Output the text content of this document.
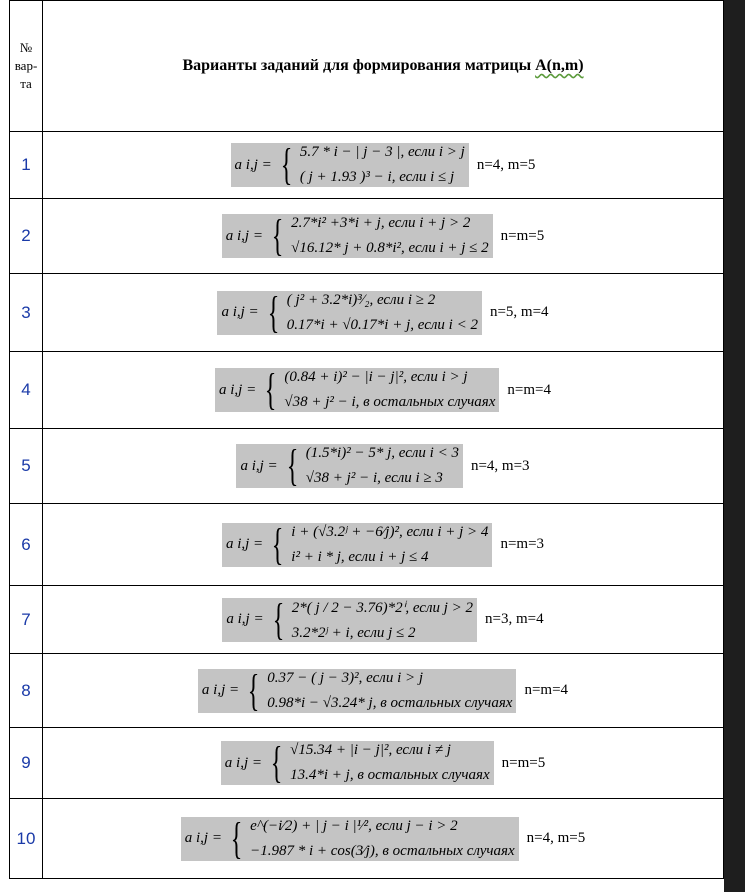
№
вар-
та	Варианты заданий для формирования матрицы A(n,m)
1	a i,j = { 5.7 * i − | j − 3 |, если i > j
( j + 1.93 )³ − i, если i ≤ j
n=4, m=5

2	a i,j = { 2.7*i² +3*i + j, если i + j > 2
√16.12* j + 0.8*i², если i + j ≤ 2
n=m=5

3	a i,j = { ( j² + 3.2*i)³⁄₂, если i ≥ 2
0.17*i + √0.17*i + j, если i < 2
n=5, m=4

4	a i,j = { (0.84 + i)² − |i − j|², если i > j
√38 + j² − i, в остальных случаях
n=m=4

5	a i,j = { (1.5*i)² − 5* j, если i < 3
√38 + j² − i, если i ≥ 3
n=4, m=3

6	a i,j = { i + (√3.2ʲ + −6⁄j)², если i + j > 4
i² + i * j, если i + j ≤ 4
n=m=3

7	a i,j = { 2*( j / 2 − 3.76)*2ⁱ, если j > 2
3.2*2ʲ + i, если j ≤ 2
n=3, m=4

8	a i,j = { 0.37 − ( j − 3)², если i > j
0.98*i − √3.24* j, в остальных случаях
n=m=4

9	a i,j = { √15.34 + |i − j|², если i ≠ j
13.4*i + j, в остальных случаях
n=m=5

10	a i,j = { e^(−i⁄2) + | j − i |¹⁄², если j − i > 2
−1.987 * i + cos(3⁄j), в остальных случаях
n=4, m=5
